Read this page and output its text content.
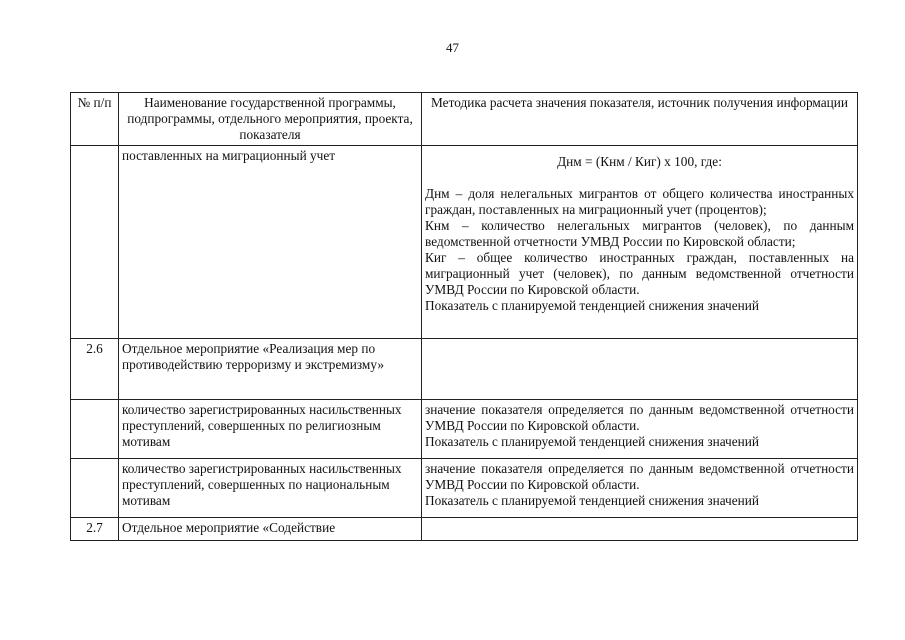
47
№ п/п	Наименование государственной программы, подпрограммы, отдельного мероприятия, проекта, показателя	Методика расчета значения показателя, источник получения информации
	поставленных на миграционный учет	Днм = (Кнм / Киг) х 100, где:
Днм – доля нелегальных мигрантов от общего количества иностранных граждан, поставленных на миграционный учет (процентов);
Кнм – количество нелегальных мигрантов (человек), по данным ведомственной отчетности УМВД России по Кировской области;
Киг – общее количество иностранных граждан, поставленных на миграционный учет (человек), по данным ведомственной отчетности УМВД России по Кировской области.
Показатель с планируемой тенденцией снижения значений

2.6	Отдельное мероприятие «Реализация мер по противодействию терроризму и экстремизму»	
	количество зарегистрированных насильственных преступлений, совершенных по религиозным мотивам	значение показателя определяется по данным ведомственной отчетности УМВД России по Кировской области.
Показатель с планируемой тенденцией снижения значений

	количество зарегистрированных насильственных преступлений, совершенных по национальным мотивам	значение показателя определяется по данным ведомственной отчетности УМВД России по Кировской области.
Показатель с планируемой тенденцией снижения значений

2.7	Отдельное мероприятие «Содействие	
